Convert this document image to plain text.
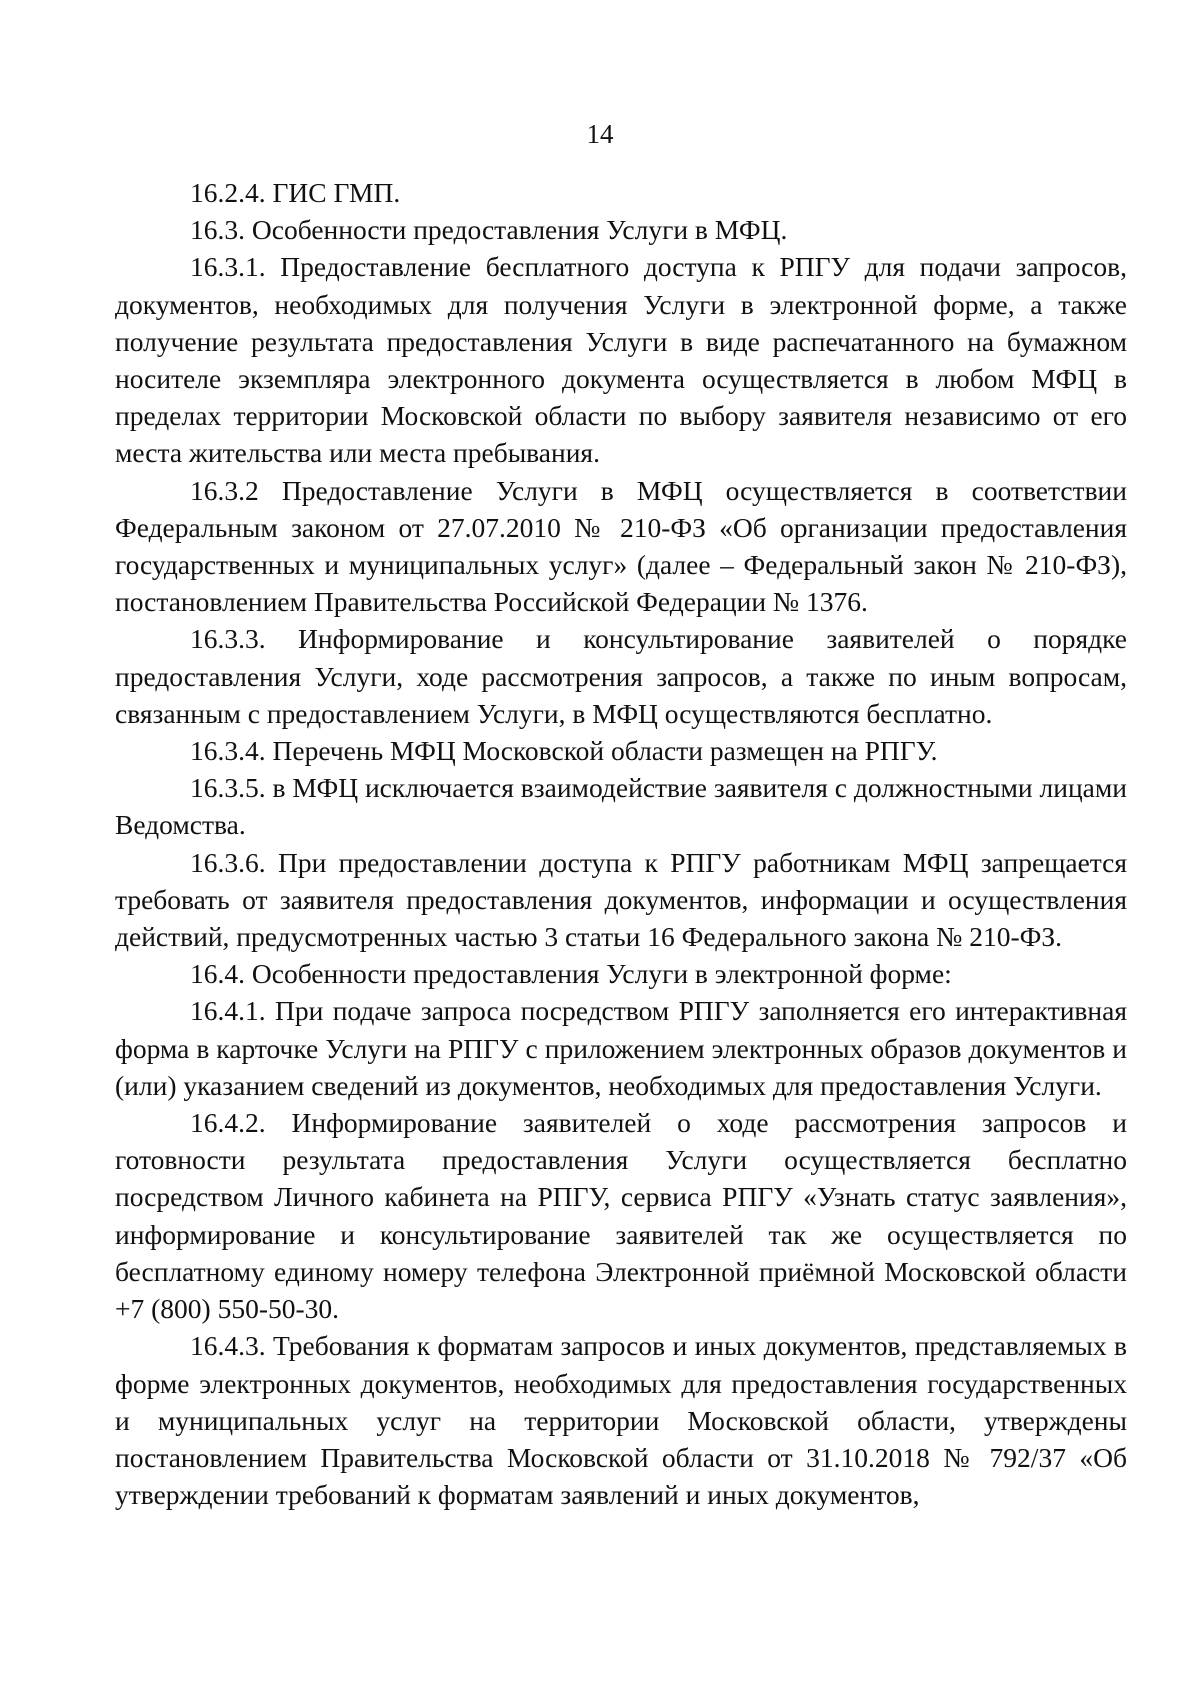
14

16.2.4. ГИС ГМП.

16.3. Особенности предоставления Услуги в МФЦ.

16.3.1. Предоставление бесплатного доступа к РПГУ для подачи запросов, документов, необходимых для получения Услуги в электронной форме, а также получение результата предоставления Услуги в виде распечатанного на бумажном носителе экземпляра электронного документа осуществляется в любом МФЦ в пределах территории Московской области по выбору заявителя независимо от его места жительства или места пребывания.

16.3.2 Предоставление Услуги в МФЦ осуществляется в соответствии Федеральным законом от 27.07.2010 № 210-ФЗ «Об организации предоставления государственных и муниципальных услуг» (далее – Федеральный закон № 210-ФЗ), постановлением Правительства Российской Федерации № 1376.

16.3.3. Информирование и консультирование заявителей о порядке предоставления Услуги, ходе рассмотрения запросов, а также по иным вопросам, связанным с предоставлением Услуги, в МФЦ осуществляются бесплатно.

16.3.4. Перечень МФЦ Московской области размещен на РПГУ.

16.3.5. в МФЦ исключается взаимодействие заявителя с должностными лицами Ведомства.

16.3.6. При предоставлении доступа к РПГУ работникам МФЦ запрещается требовать от заявителя предоставления документов, информации и осуществления действий, предусмотренных частью 3 статьи 16 Федерального закона № 210-ФЗ.

16.4. Особенности предоставления Услуги в электронной форме:

16.4.1. При подаче запроса посредством РПГУ заполняется его интерактивная форма в карточке Услуги на РПГУ с приложением электронных образов документов и (или) указанием сведений из документов, необходимых для предоставления Услуги.

16.4.2. Информирование заявителей о ходе рассмотрения запросов и готовности результата предоставления Услуги осуществляется бесплатно посредством Личного кабинета на РПГУ, сервиса РПГУ «Узнать статус заявления», информирование и консультирование заявителей так же осуществляется по бесплатному единому номеру телефона Электронной приёмной Московской области +7 (800) 550-50-30.

16.4.3. Требования к форматам запросов и иных документов, представляемых в форме электронных документов, необходимых для предоставления государственных и муниципальных услуг на территории Московской области, утверждены постановлением Правительства Московской области от 31.10.2018 № 792/37 «Об утверждении требований к форматам заявлений и иных документов,
